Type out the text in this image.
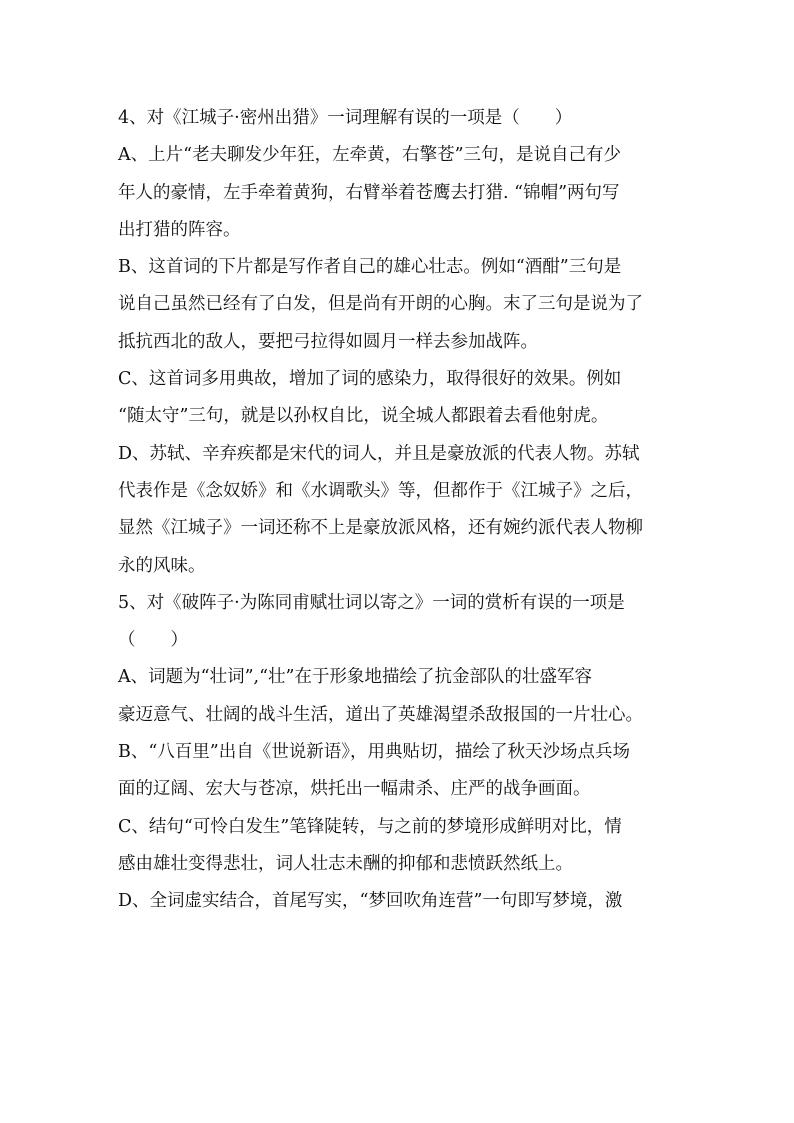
4、对《江城子·密州出猎》一词理解有误的一项是（　　）
A、上片“老夫聊发少年狂，左牵黄，右擎苍”三句，是说自己有少
年人的豪情，左手牵着黄狗，右臂举着苍鹰去打猎. “锦帽”两句写
出打猎的阵容。
B、这首词的下片都是写作者自己的雄心壮志。例如“酒酣”三句是
说自己虽然已经有了白发，但是尚有开朗的心胸。末了三句是说为了
抵抗西北的敌人，要把弓拉得如圆月一样去参加战阵。
C、这首词多用典故，增加了词的感染力，取得很好的效果。例如
“随太守”三句，就是以孙权自比，说全城人都跟着去看他射虎。
D、苏轼、辛弃疾都是宋代的词人，并且是豪放派的代表人物。苏轼
代表作是《念奴娇》和《水调歌头》等，但都作于《江城子》之后，
显然《江城子》一词还称不上是豪放派风格，还有婉约派代表人物柳
永的风味。
5、对《破阵子·为陈同甫赋壮词以寄之》一词的赏析有误的一项是
（　　）
A、词题为“壮词”,“壮”在于形象地描绘了抗金部队的壮盛军容
豪迈意气、壮阔的战斗生活，道出了英雄渴望杀敌报国的一片壮心。
B、“八百里”出自《世说新语》，用典贴切，描绘了秋天沙场点兵场
面的辽阔、宏大与苍凉，烘托出一幅肃杀、庄严的战争画面。
C、结句“可怜白发生”笔锋陡转，与之前的梦境形成鲜明对比，情
感由雄壮变得悲壮，词人壮志未酬的抑郁和悲愤跃然纸上。
D、全词虚实结合，首尾写实，“梦回吹角连营”一句即写梦境，激
